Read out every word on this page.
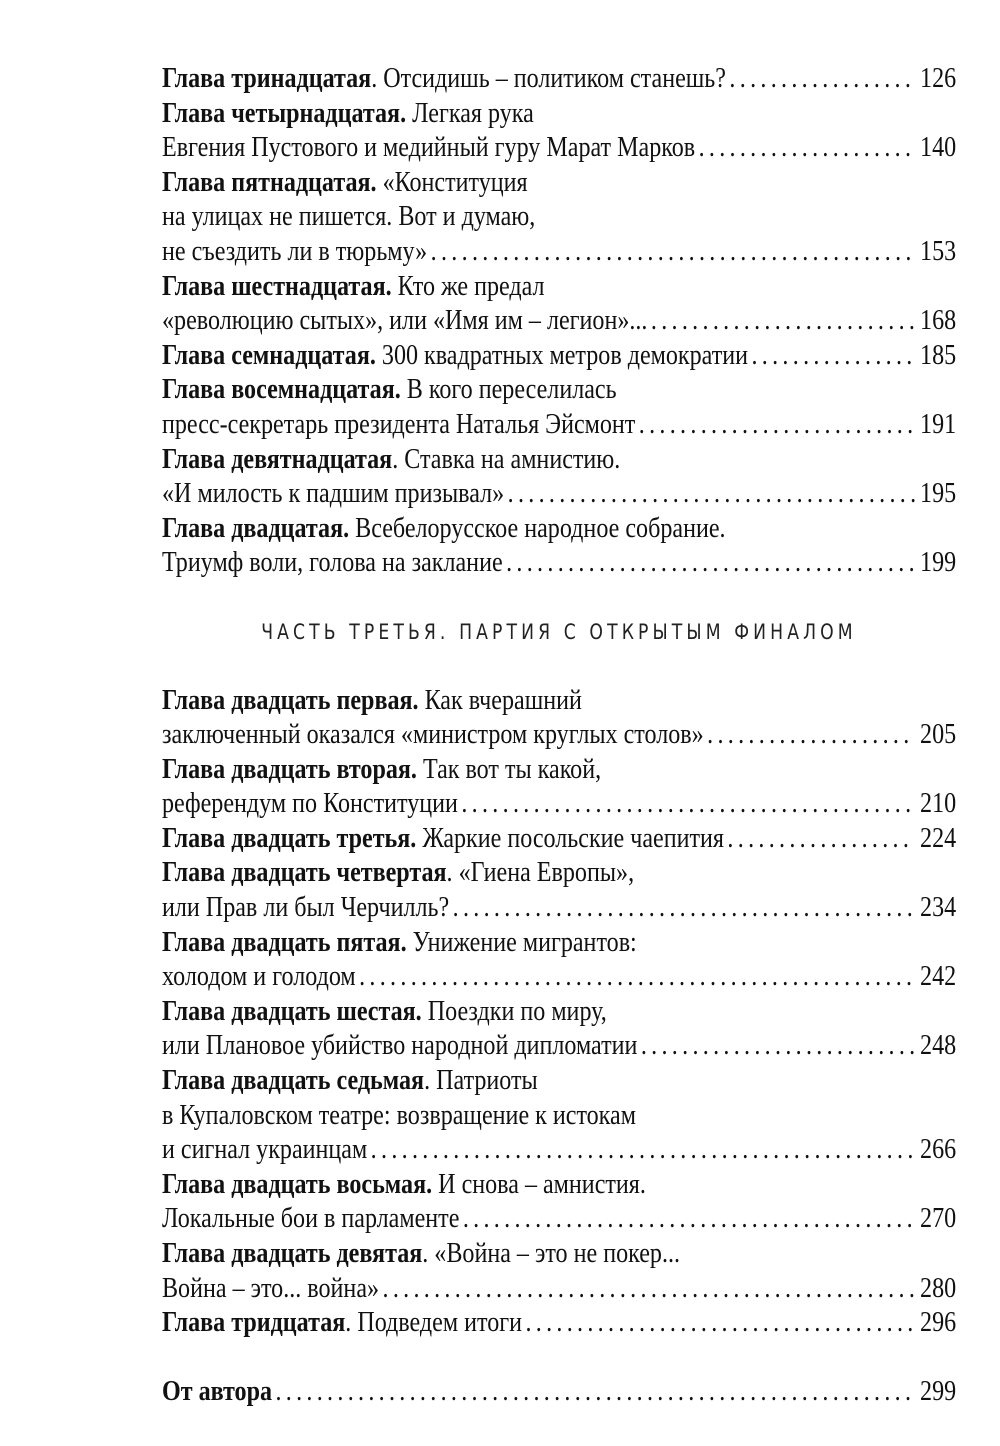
Глава тринадцатая. Отсидишь – политиком станешь? . . .	126
Глава четырнадцатая. Легкая рука
Евгения Пустового и медийный гуру Марат Марков . . .	140
Глава пятнадцатая. «Конституция
на улицах не пишется. Вот и думаю,
не съездить ли в тюрьму» . . .	153
Глава шестнадцатая. Кто же предал
«революцию сытых», или «Имя им – легион»... . . .	168
Глава семнадцатая. 300 квадратных метров демократии . . .	185
Глава восемнадцатая. В кого переселилась
пресс-секретарь президента Наталья Эйсмонт . . .	191
Глава девятнадцатая. Ставка на амнистию.
«И милость к падшим призывал» . . .	195
Глава двадцатая. Всебелорусское народное собрание.
Триумф воли, голова на заклание . . .	199
ЧАСТЬ ТРЕТЬЯ. ПАРТИЯ С ОТКРЫТЫМ ФИНАЛОМ
Глава двадцать первая. Как вчерашний
заключенный оказался «министром круглых столов» . . .	205
Глава двадцать вторая. Так вот ты какой,
референдум по Конституции . . .	210
Глава двадцать третья. Жаркие посольские чаепития . . .	224
Глава двадцать четвертая. «Гиена Европы»,
или Прав ли был Черчилль? . . .	234
Глава двадцать пятая. Унижение мигрантов:
холодом и голодом . . .	242
Глава двадцать шестая. Поездки по миру,
или Плановое убийство народной дипломатии . . .	248
Глава двадцать седьмая. Патриоты
в Купаловском театре: возвращение к истокам
и сигнал украинцам . . .	266
Глава двадцать восьмая. И снова – амнистия.
Локальные бои в парламенте . . .	270
Глава двадцать девятая. «Война – это не покер...
Война – это... война» . . .	280
Глава тридцатая. Подведем итоги . . .	296
От автора . . .	299
